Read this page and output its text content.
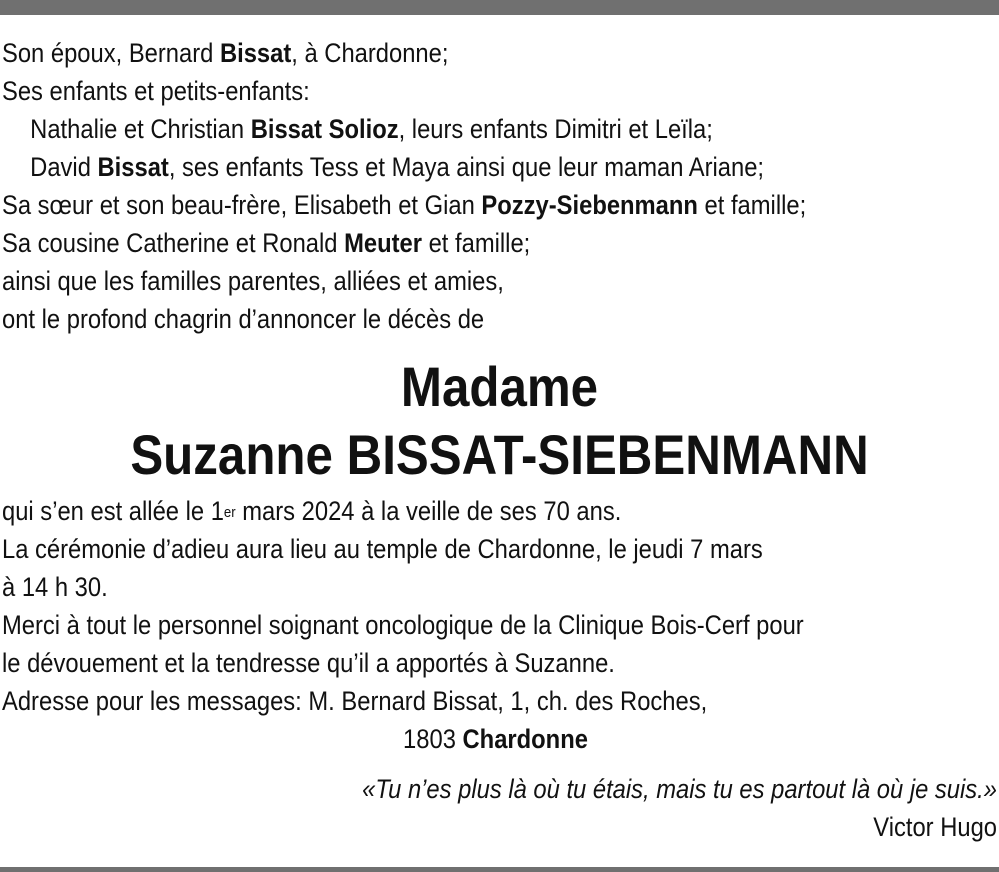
Son époux, Bernard Bissat, à Chardonne;
Ses enfants et petits-enfants:
Nathalie et Christian Bissat Solioz, leurs enfants Dimitri et Leïla;
David Bissat, ses enfants Tess et Maya ainsi que leur maman Ariane;
Sa sœur et son beau-frère, Elisabeth et Gian Pozzy-Siebenmann et famille;
Sa cousine Catherine et Ronald Meuter et famille;
ainsi que les familles parentes, alliées et amies,
ont le profond chagrin d’annoncer le décès de
Madame
Suzanne BISSAT-SIEBENMANN
qui s’en est allée le 1er mars 2024 à la veille de ses 70 ans.
La cérémonie d’adieu aura lieu au temple de Chardonne, le jeudi 7 mars
à 14 h 30.
Merci à tout le personnel soignant oncologique de la Clinique Bois-Cerf pour
le dévouement et la tendresse qu’il a apportés à Suzanne.
Adresse pour les messages: M. Bernard Bissat, 1, ch. des Roches,
1803 Chardonne
«Tu n’es plus là où tu étais, mais tu es partout là où je suis.»
Victor Hugo
